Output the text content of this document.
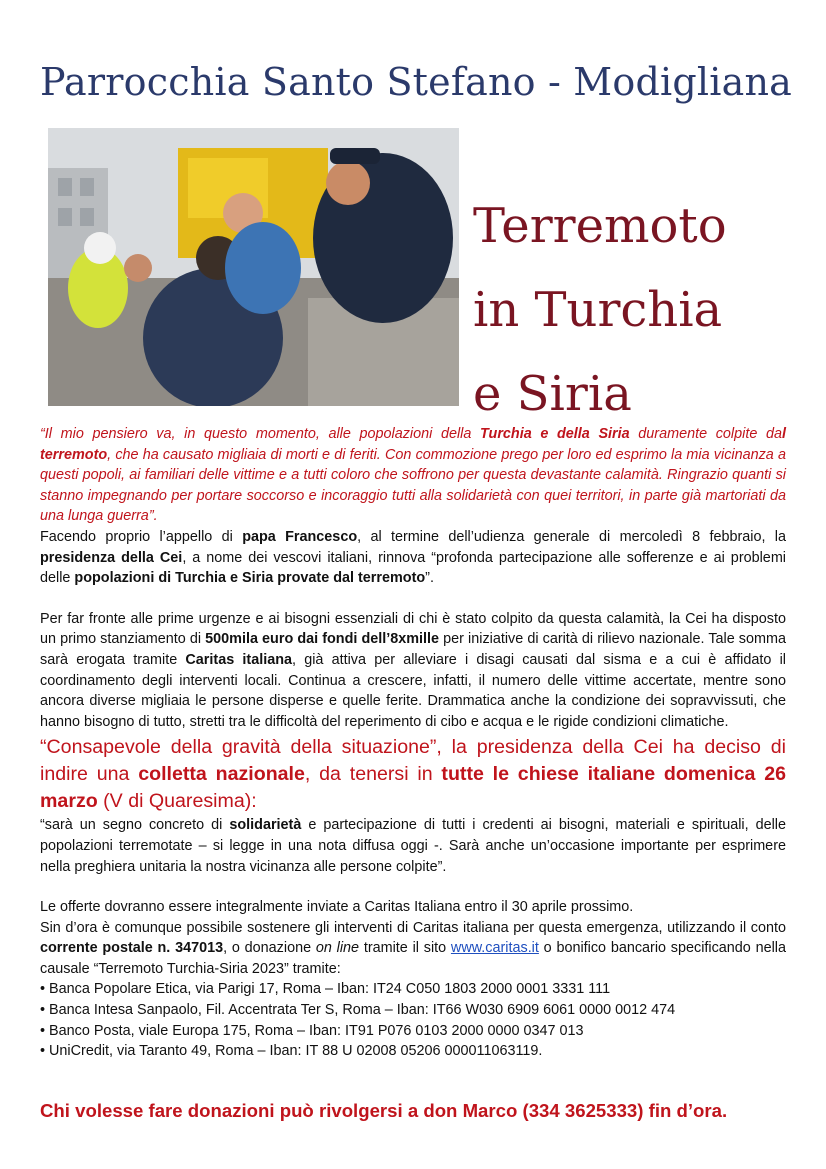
Parrocchia Santo Stefano - Modigliana
Terremoto
in Turchia
e Siria

“Il mio pensiero va, in questo momento, alle popolazioni della Turchia e della Siria duramente colpite dal terremoto, che ha causato migliaia di morti e di feriti. Con commozione prego per loro ed esprimo la mia vicinanza a questi popoli, ai familiari delle vittime e a tutti coloro che soffrono per questa devastante calamità. Ringrazio quanti si stanno impegnando per portare soccorso e incoraggio tutti alla solidarietà con quei territori, in parte già martoriati da una lunga guerra”.

Facendo proprio l’appello di papa Francesco, al termine dell’udienza generale di mercoledì 8 febbraio, la presidenza della Cei, a nome dei vescovi italiani, rinnova “profonda partecipazione alle sofferenze e ai problemi delle popolazioni di Turchia e Siria provate dal terremoto”.

Per far fronte alle prime urgenze e ai bisogni essenziali di chi è stato colpito da questa calamità, la Cei ha disposto un primo stanziamento di 500mila euro dai fondi dell’8xmille per iniziative di carità di rilievo nazionale. Tale somma sarà erogata tramite Caritas italiana, già attiva per alleviare i disagi causati dal sisma e a cui è affidato il coordinamento degli interventi locali. Continua a crescere, infatti, il numero delle vittime accertate, mentre sono ancora diverse migliaia le persone disperse e quelle ferite. Drammatica anche la condizione dei sopravvissuti, che hanno bisogno di tutto, stretti tra le difficoltà del reperimento di cibo e acqua e le rigide condizioni climatiche.

“Consapevole della gravità della situazione”, la presidenza della Cei ha deciso di indire una colletta nazionale, da tenersi in tutte le chiese italiane domenica 26 marzo (V di Quaresima):

“sarà un segno concreto di solidarietà e partecipazione di tutti i credenti ai bisogni, materiali e spirituali, delle popolazioni terremotate – si legge in una nota diffusa oggi -. Sarà anche un’occasione importante per esprimere nella preghiera unitaria la nostra vicinanza alle persone colpite”.

Le offerte dovranno essere integralmente inviate a Caritas Italiana entro il 30 aprile prossimo.

Sin d’ora è comunque possibile sostenere gli interventi di Caritas italiana per questa emergenza, utilizzando il conto corrente postale n. 347013, o donazione on line tramite il sito www.caritas.it o bonifico bancario specificando nella causale “Terremoto Turchia-Siria 2023” tramite:

• Banca Popolare Etica, via Parigi 17, Roma – Iban: IT24 C050 1803 2000 0001 3331 111
• Banca Intesa Sanpaolo, Fil. Accentrata Ter S, Roma – Iban: IT66 W030 6909 6061 0000 0012 474
• Banco Posta, viale Europa 175, Roma – Iban: IT91 P076 0103 2000 0000 0347 013
• UniCredit, via Taranto 49, Roma – Iban: IT 88 U 02008 05206 000011063119.
Chi volesse fare donazioni può rivolgersi a don Marco (334 3625333) fin d’ora.
